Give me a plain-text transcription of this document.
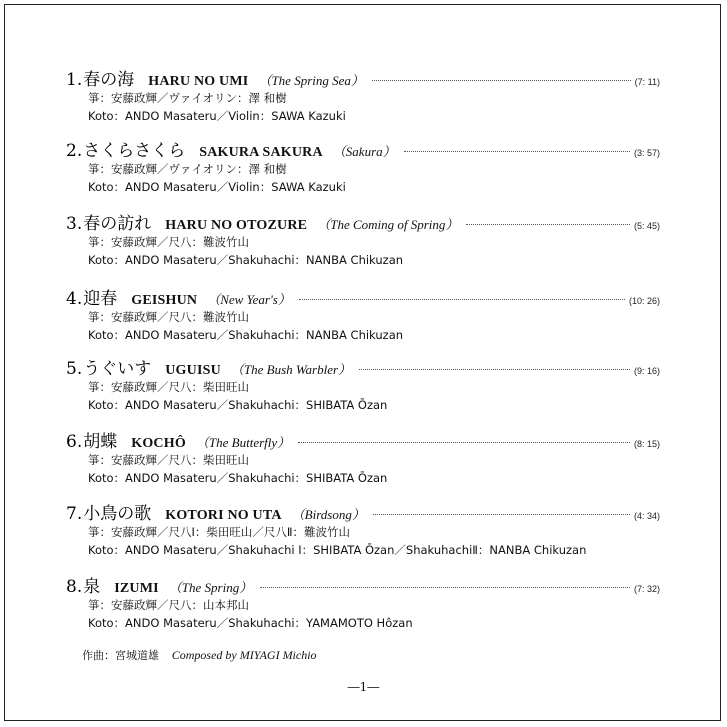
1. 春の海 HARU NO UMI （The Spring Sea）	(7: 11)
箏：安藤政輝／ヴァイオリン：澤 和樹
Koto：ANDO Masateru／Violin：SAWA Kazuki
2. さくらさくら SAKURA SAKURA （Sakura）	(3: 57)
箏：安藤政輝／ヴァイオリン：澤 和樹
Koto：ANDO Masateru／Violin：SAWA Kazuki
3. 春の訪れ HARU NO OTOZURE （The Coming of Spring）	(5: 45)
箏：安藤政輝／尺八：難波竹山
Koto：ANDO Masateru／Shakuhachi：NANBA Chikuzan
4. 迎春 GEISHUN （New Year's）	(10: 26)
箏：安藤政輝／尺八：難波竹山
Koto：ANDO Masateru／Shakuhachi：NANBA Chikuzan
5. うぐいす UGUISU （The Bush Warbler）	(9: 16)
箏：安藤政輝／尺八：柴田旺山
Koto：ANDO Masateru／Shakuhachi：SHIBATA Ōzan
6. 胡蝶 KOCHÔ （The Butterfly）	(8: 15)
箏：安藤政輝／尺八：柴田旺山
Koto：ANDO Masateru／Shakuhachi：SHIBATA Ōzan
7. 小鳥の歌 KOTORI NO UTA （Birdsong）	(4: 34)
箏：安藤政輝／尺八Ⅰ：柴田旺山／尺八Ⅱ：難波竹山
Koto：ANDO Masateru／Shakuhachi Ⅰ：SHIBATA Ōzan／ShakuhachiⅡ：NANBA Chikuzan
8. 泉 IZUMI （The Spring）	(7: 32)
箏：安藤政輝／尺八：山本邦山
Koto：ANDO Masateru／Shakuhachi：YAMAMOTO Hôzan
作曲：宮城道雄 Composed by MIYAGI Michio
―1―
